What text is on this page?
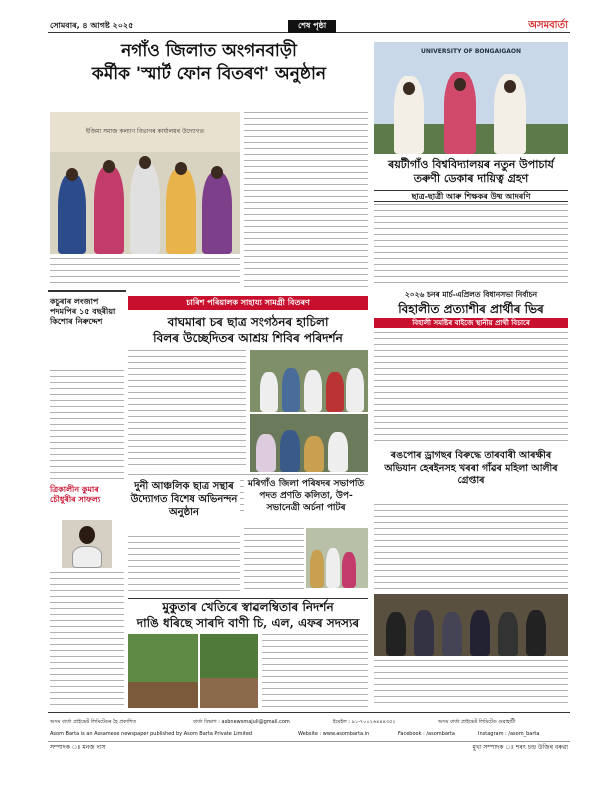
সোমবাৰ, ৪ আগষ্ট ২০২৫	শেষ পৃষ্ঠা	অসমবাৰ্তা
নগাঁও জিলাত অংগনবাড়ী
কৰ্মীক 'স্মাৰ্ট ফোন বিতৰণ' অনুষ্ঠান
ইজিমা সমাজ কল্যাণ বিভাগৰ কাৰ্যালয়ৰ উদ্যোগত
UNIVERSITY OF BONGAIGAON
ৰয়টীগাঁও বিশ্ববিদ্যালয়ৰ নতুন উপাচাৰ্য তৰুণী ডেকাৰ দায়িত্ব গ্ৰহণ
ছাত্ৰ-ছাত্ৰী আৰু শিক্ষকৰ উষ্ম আদৰণি
কচুৰাৰ লংজাপ পদমপিৰ ১৫ বছৰীয়া কিশোৰ নিৰুদ্দেশ
ত্ৰিকালীন কুমাৰ চৌধুৰীৰ সাফল্য
চাৰিশ পৰিয়ালক সাহায্য সামগ্ৰী বিতৰণ
বাঘমাৰা চৰ ছাত্ৰ সংগঠনৰ হাচিলা
বিলৰ উচ্ছেদিতৰ আশ্ৰয় শিবিৰ পৰিদৰ্শন
২০২৬ চনৰ মাৰ্চ-এপ্ৰিলত বিধানসভা নিৰ্বাচন
বিহালীত প্ৰত্যাশীৰ প্ৰাৰ্থীৰ ভিৰ
বিহালী সমষ্টিৰ বাইজে স্থানীয় প্ৰাৰ্থী বিচাৰে
দুনী আঞ্চলিক ছাত্ৰ সন্থাৰ উদ্যোগত বিশেষ অভিনন্দন অনুষ্ঠান
মৰিগাঁও জিলা পৰিষদৰ সভাপতি পদত প্ৰণতি কলিতা, উপ-সভানেত্ৰী অৰ্চনা পাটৰ
ৰঙপোৰ ড্ৰাগছৰ বিৰুদ্ধে তাৰবাৰী আৰক্ষীৰ অভিযান হেৰইনসহ খৰৰা গাঁৱৰ মহিলা আলীৰ গ্ৰেপ্তাৰ
মুকুতাৰ খেতিৰে স্বাৱলম্বিতাৰ নিদৰ্শন
দাঙি ধৰিছে সাৰদি বাণী চি, এল, এফৰ সদস্যৰ
অসম বাৰ্তা প্ৰাইভেট লিমিটেডৰ হৈ প্ৰকাশিত	বাৰ্তা বিভাগ : asbnewsmajuli@gmail.com	ইমেইল : ৯১-৭০০২৬৪৪৪৩৫২	অসম বাৰ্তা প্ৰাইভেট লিমিটেড গুৱাহাটী
Asom Barta is an Assamese newspaper published by Asom Barta Private Limited	Website : www.asombarta.in	Facebook : /asombarta	Instagram : /asom_barta
সম্পাদক ঃ মনজ দাস	মুখ্য সম্পাদক ঃ শৰৎ চন্দ্ৰ উজিৰ বৰুৱা
